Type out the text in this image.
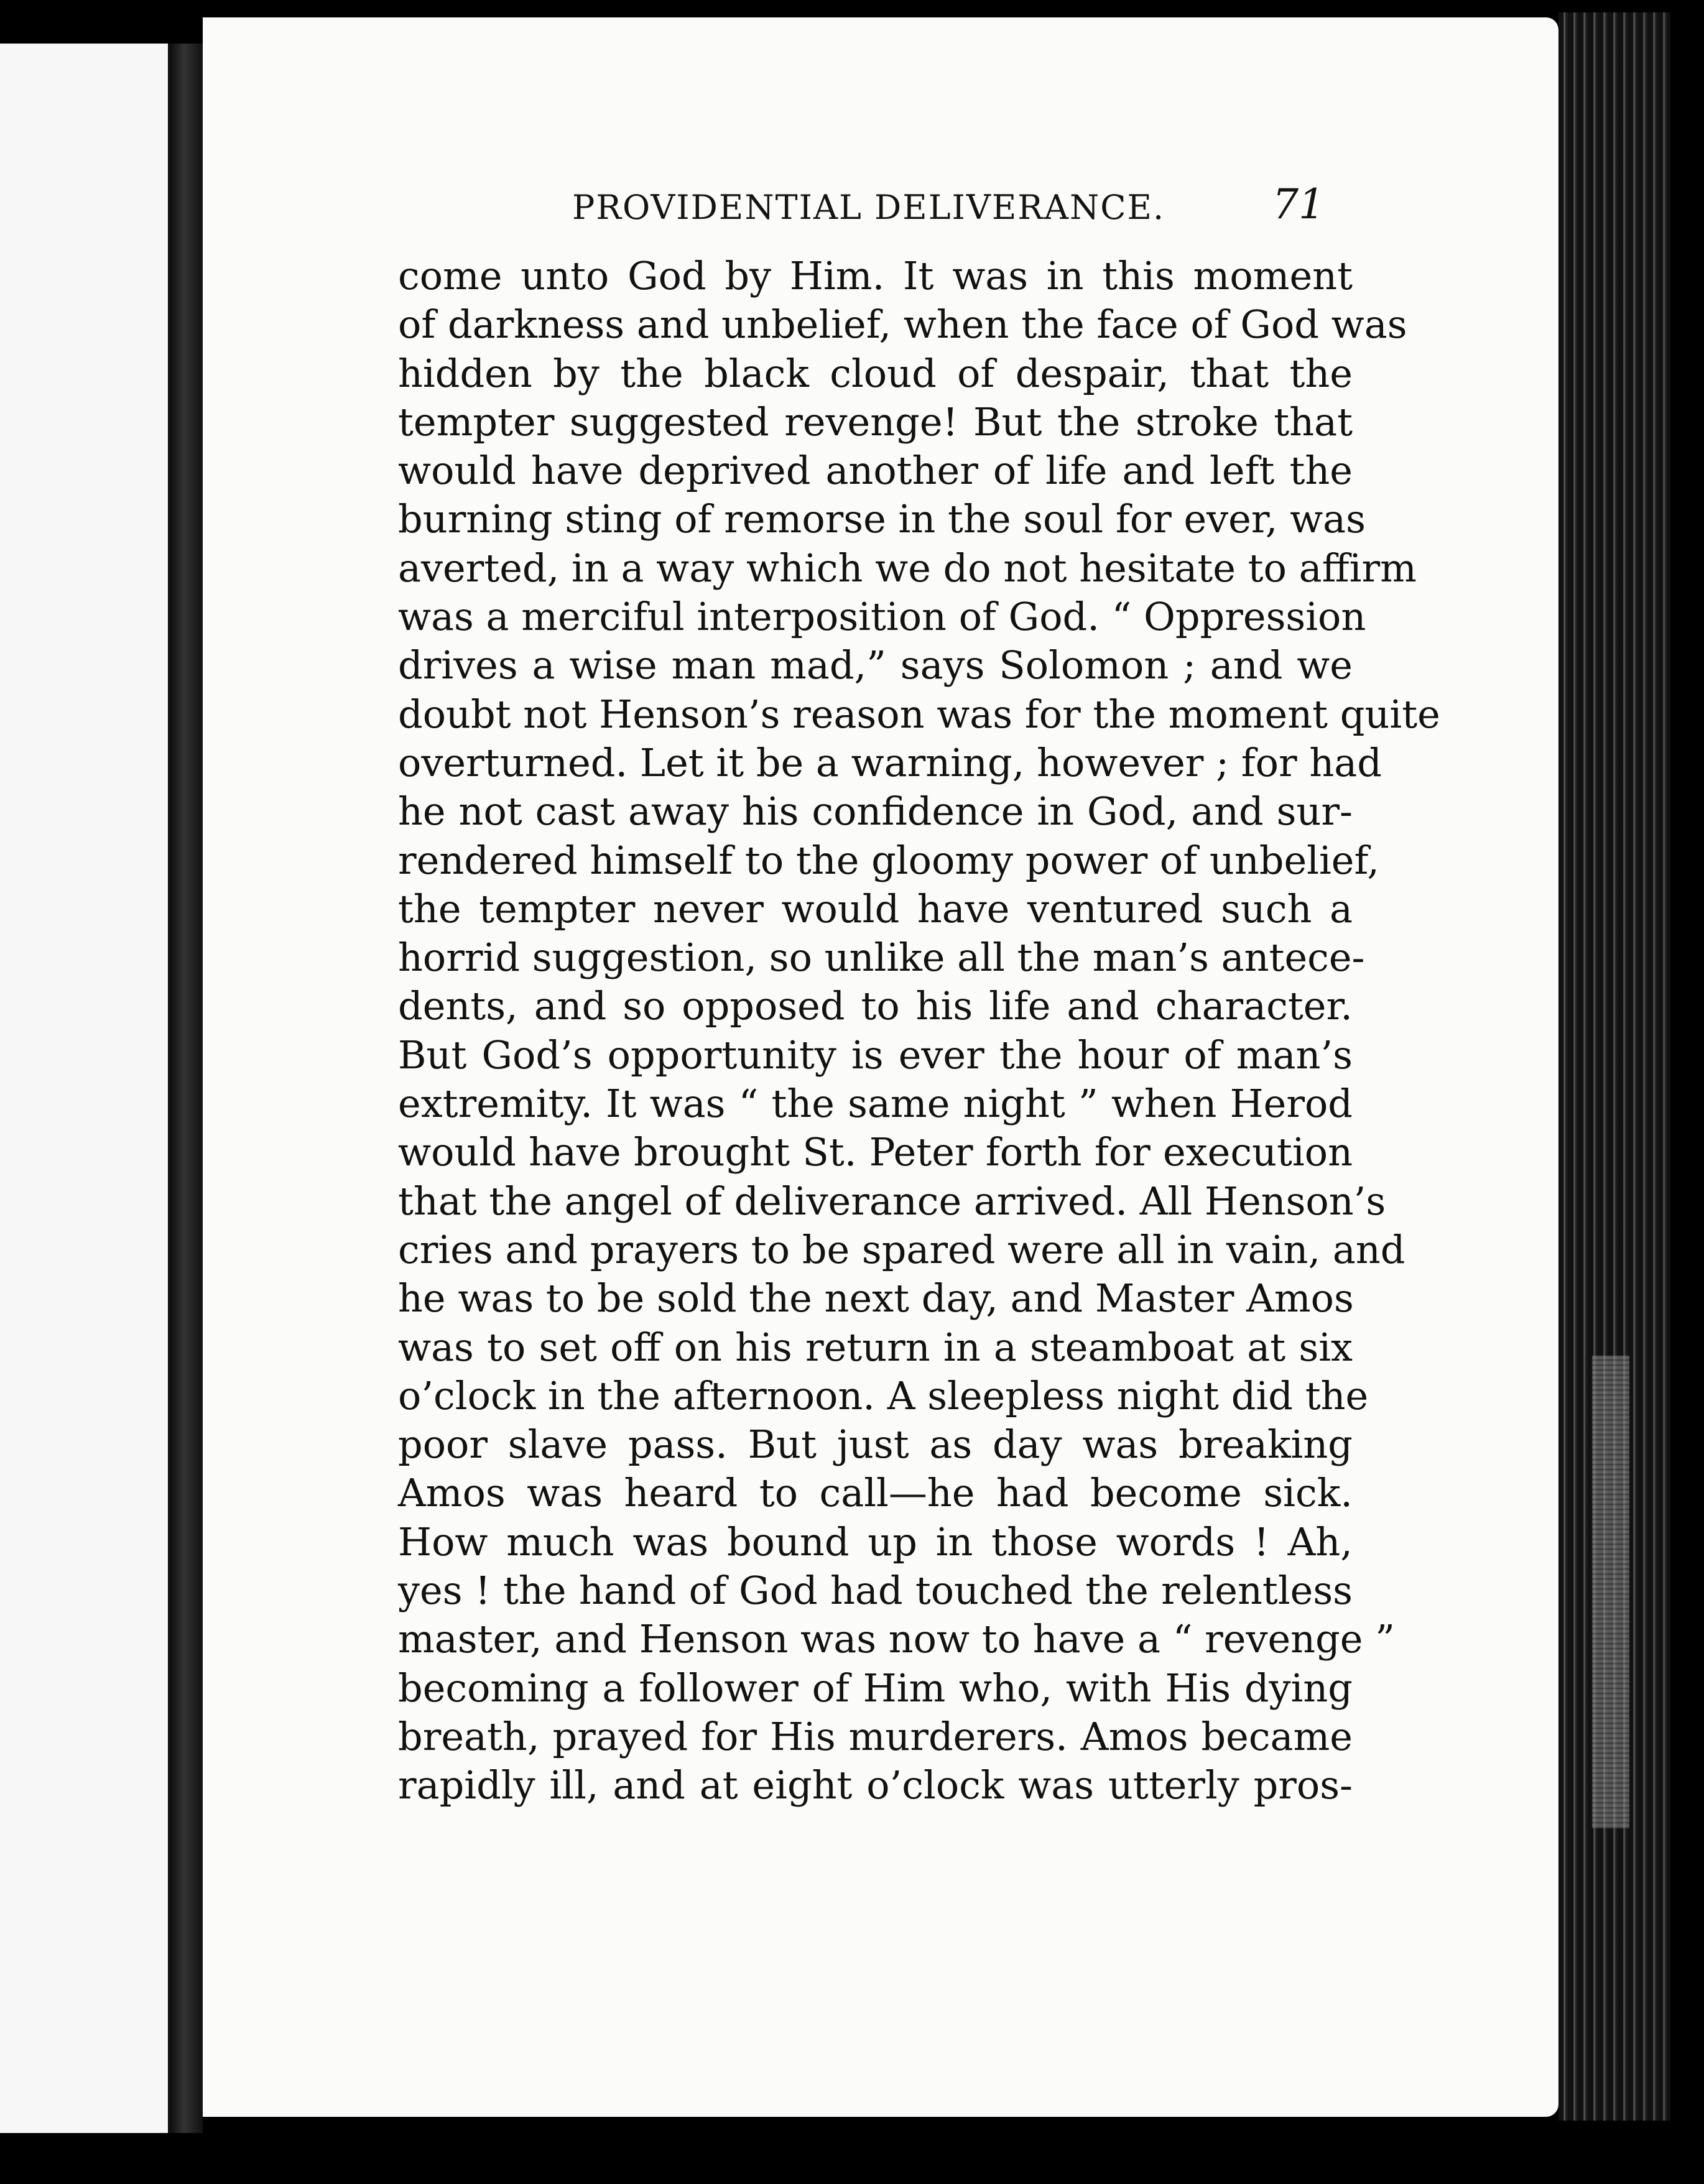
PROVIDENTIAL DELIVERANCE.	71
come unto God by Him. It was in this moment
of darkness and unbelief, when the face of God was
hidden by the black cloud of despair, that the
tempter suggested revenge! But the stroke that
would have deprived another of life and left the
burning sting of remorse in the soul for ever, was
averted, in a way which we do not hesitate to affirm
was a merciful interposition of God. “ Oppression
drives a wise man mad,” says Solomon ; and we
doubt not Henson’s reason was for the moment quite
overturned. Let it be a warning, however ; for had
he not cast away his confidence in God, and sur-
rendered himself to the gloomy power of unbelief,
the tempter never would have ventured such a
horrid suggestion, so unlike all the man’s antece-
dents, and so opposed to his life and character.
But God’s opportunity is ever the hour of man’s
extremity. It was “ the same night ” when Herod
would have brought St. Peter forth for execution
that the angel of deliverance arrived. All Henson’s
cries and prayers to be spared were all in vain, and
he was to be sold the next day, and Master Amos
was to set off on his return in a steamboat at six
o’clock in the afternoon. A sleepless night did the
poor slave pass. But just as day was breaking
Amos was heard to call—he had become sick.
How much was bound up in those words ! Ah,
yes ! the hand of God had touched the relentless
master, and Henson was now to have a “ revenge ”
becoming a follower of Him who, with His dying
breath, prayed for His murderers. Amos became
rapidly ill, and at eight o’clock was utterly pros-
